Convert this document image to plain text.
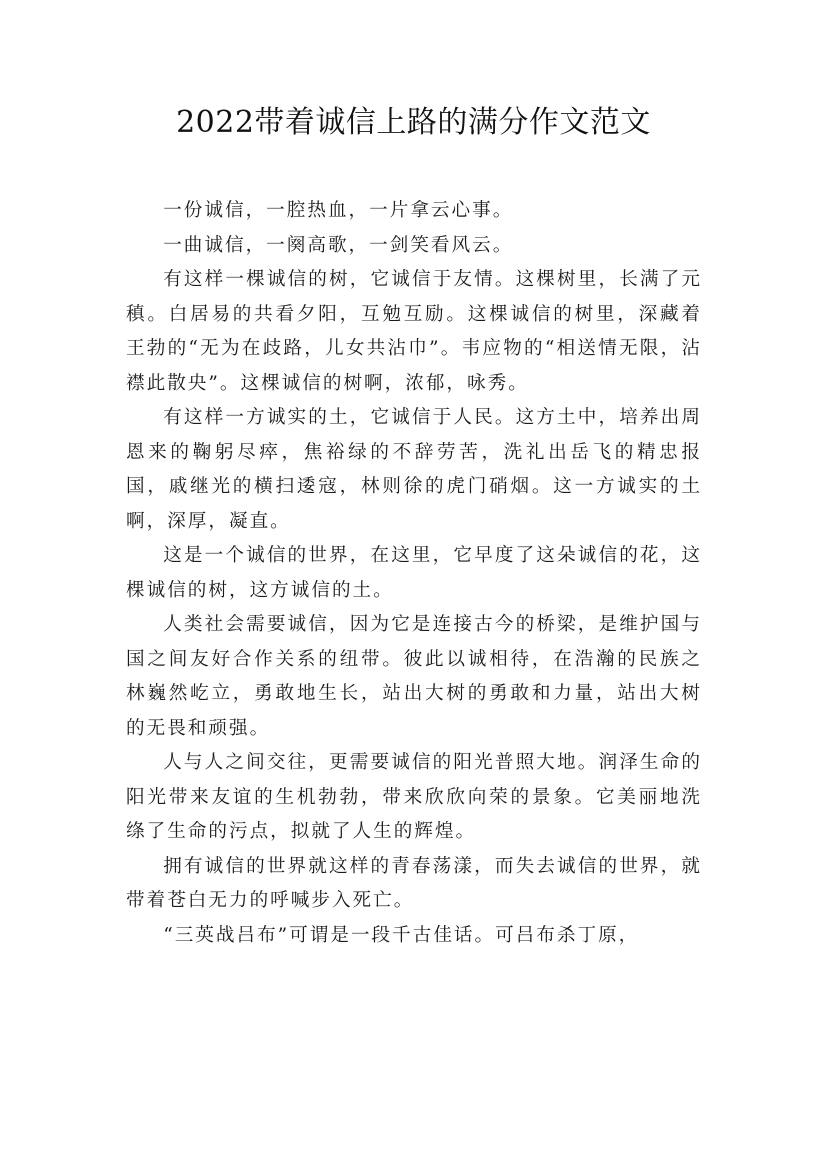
2022带着诚信上路的满分作文范文

一份诚信，一腔热血，一片拿云心事。

一曲诚信，一阕高歌，一剑笑看风云。

有这样一棵诚信的树，它诚信于友情。这棵树里，长满了元稹。白居易的共看夕阳，互勉互励。这棵诚信的树里，深藏着王勃的“无为在歧路，儿女共沾巾”。韦应物的“相送情无限，沾襟此散央”。这棵诚信的树啊，浓郁，咏秀。

有这样一方诚实的土，它诚信于人民。这方土中，培养出周恩来的鞠躬尽瘁，焦裕绿的不辞劳苦，洗礼出岳飞的精忠报国，戚继光的横扫逶寇，林则徐的虎门硝烟。这一方诚实的土啊，深厚，凝直。

这是一个诚信的世界，在这里，它早度了这朵诚信的花，这棵诚信的树，这方诚信的土。

人类社会需要诚信，因为它是连接古今的桥梁，是维护国与国之间友好合作关系的纽带。彼此以诚相待，在浩瀚的民族之林巍然屹立，勇敢地生长，站出大树的勇敢和力量，站出大树的无畏和顽强。

人与人之间交往，更需要诚信的阳光普照大地。润泽生命的阳光带来友谊的生机勃勃，带来欣欣向荣的景象。它美丽地洗绦了生命的污点，拟就了人生的辉煌。

拥有诚信的世界就这样的青春荡漾，而失去诚信的世界，就带着苍白无力的呼喊步入死亡。

“三英战吕布”可谓是一段千古佳话。可吕布杀丁原，
